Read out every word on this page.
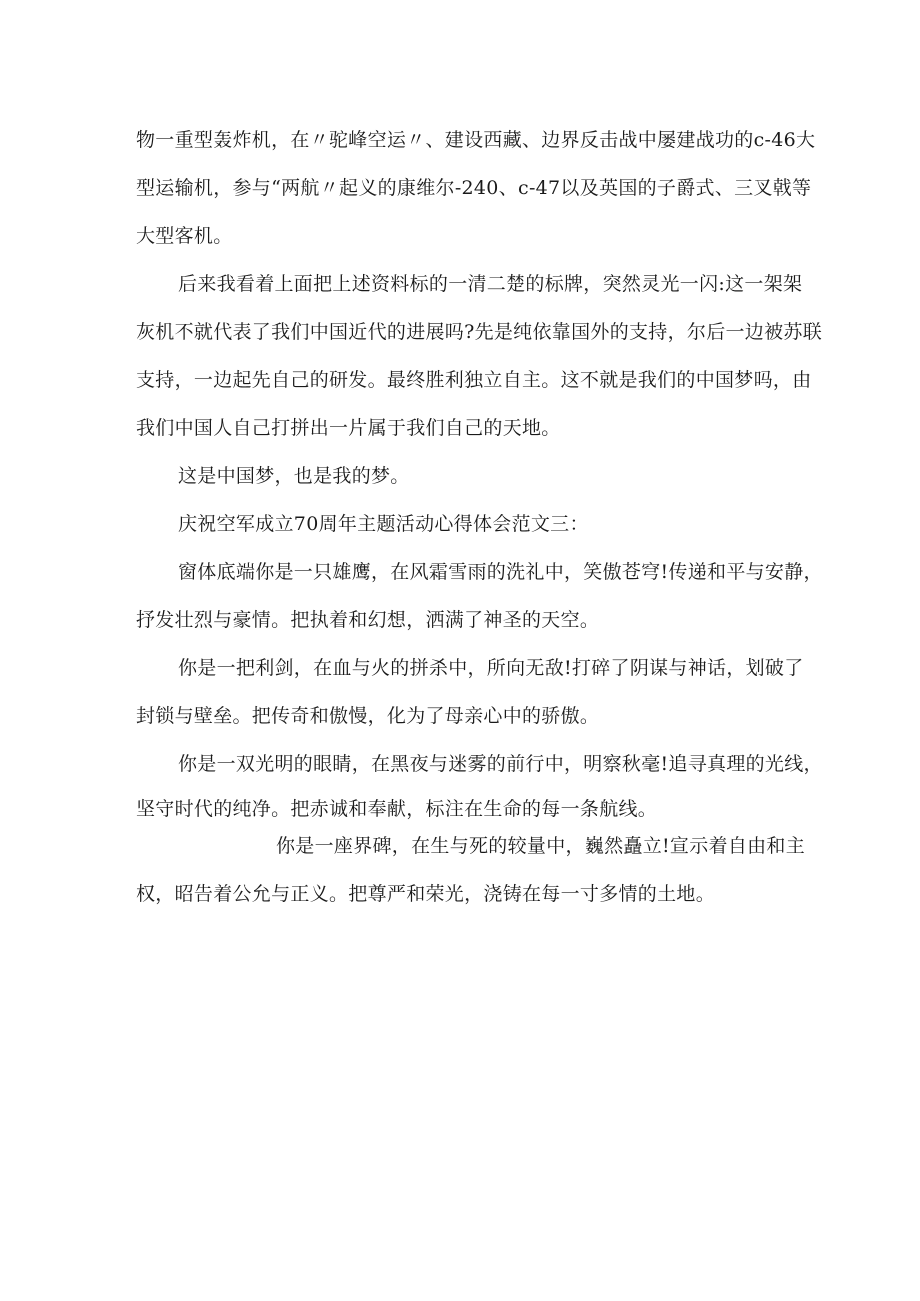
物一重型轰炸机，在〃驼峰空运〃、建设西藏、边界反击战中屡建战功的c-46大
型运输机，参与“两航〃起义的康维尔-240、c-47以及英国的子爵式、三叉戟等
大型客机。
后来我看着上面把上述资料标的一清二楚的标牌，突然灵光一闪:这一架架
灰机不就代表了我们中国近代的进展吗?先是纯依靠国外的支持，尔后一边被苏联
支持，一边起先自己的研发。最终胜利独立自主。这不就是我们的中国梦吗，由
我们中国人自己打拼出一片属于我们自己的天地。
这是中国梦，也是我的梦。
庆祝空军成立70周年主题活动心得体会范文三：
窗体底端你是一只雄鹰，在风霜雪雨的洗礼中，笑傲苍穹!传递和平与安静，
抒发壮烈与豪情。把执着和幻想，洒满了神圣的天空。
你是一把利剑，在血与火的拼杀中，所向无敌!打碎了阴谋与神话，划破了
封锁与壁垒。把传奇和傲慢，化为了母亲心中的骄傲。
你是一双光明的眼睛，在黑夜与迷雾的前行中，明察秋毫!追寻真理的光线，
坚守时代的纯净。把赤诚和奉献，标注在生命的每一条航线。
你是一座界碑，在生与死的较量中，巍然矗立!宣示着自由和主
权，昭告着公允与正义。把尊严和荣光，浇铸在每一寸多情的土地。
